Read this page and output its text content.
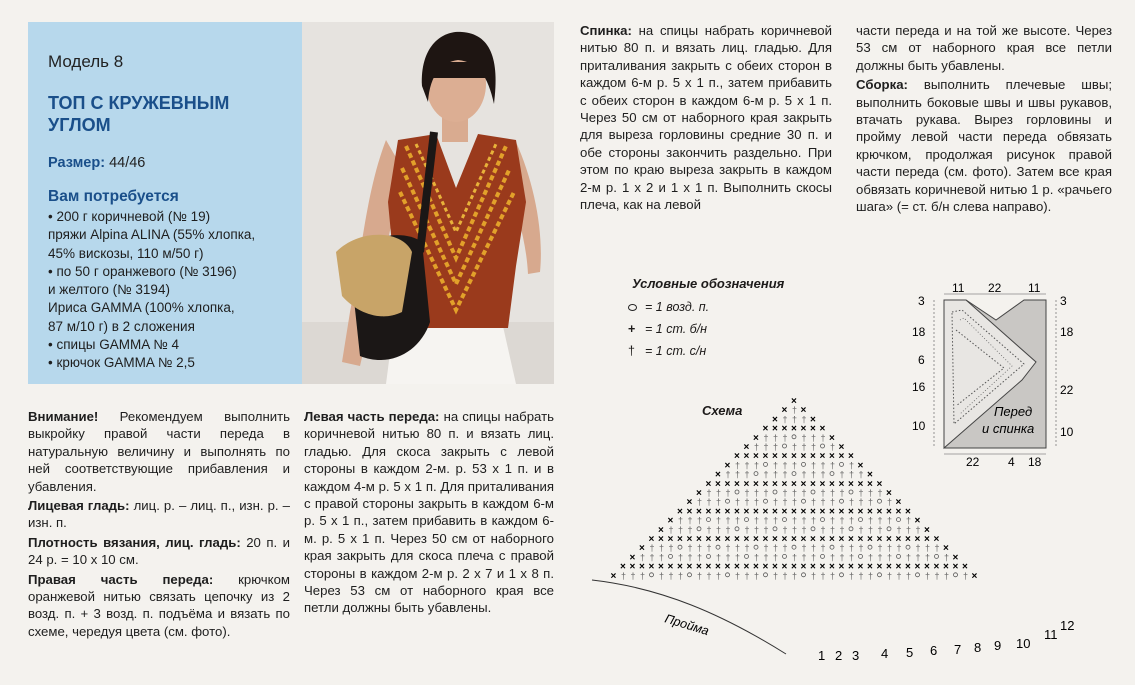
Модель 8
ТОП С КРУЖЕВНЫМ УГЛОМ
Размер: 44/46
Вам потребуется
• 200 г коричневой (№ 19)
пряжи Alpina ALINA (55% хлопка,
45% вискозы, 110 м/50 г)
• по 50 г оранжевого (№ 3196)
и желтого (№ 3194)
Ириса GAMMA (100% хлопка,
87 м/10 г) в 2 сложения
• спицы GAMMA № 4
• крючок GAMMA № 2,5

Внимание! Рекомендуем выполнить выкройку правой части переда в натуральную величину и выполнять по ней соответствующие прибавления и убавления.

Лицевая гладь: лиц. р. – лиц. п., изн. р. – изн. п.

Плотность вязания, лиц. гладь: 20 п. и 24 р. = 10 х 10 см.

Правая часть переда: крючком оранжевой нитью связать цепочку из 2 возд. п. + 3 возд. п. подъёма и вязать по схеме, чередуя цвета (см. фото).

Левая часть переда: на спицы набрать коричневой нитью 80 п. и вязать лиц. гладью. Для скоса закрыть с левой стороны в каждом 2-м. р. 53 х 1 п. и в каждом 4-м р. 5 х 1 п. Для приталивания с правой стороны закрыть в каждом 6-м р. 5 х 1 п., затем прибавить в каждом 6-м. р. 5 х 1 п. Через 50 см от наборного края закрыть для скоса плеча с правой стороны в каждом 2-м р. 2 х 7 и 1 х 8 п. Через 53 см от наборного края все петли должны быть убавлены.

Спинка: на спицы набрать коричневой нитью 80 п. и вязать лиц. гладью. Для приталивания закрыть с обеих сторон в каждом 6-м р. 5 х 1 п., затем прибавить с обеих сторон в каждом 6-м р. 5 х 1 п. Через 50 см от наборного края закрыть для выреза горловины средние 30 п. и обе стороны закончить раздельно. При этом по краю выреза закрыть в каждом 2-м р. 1 х 2 и 1 х 1 п. Выполнить скосы плеча, как на левой

части переда и на той же высоте. Через 53 см от наборного края все петли должны быть убавлены.

Сборка: выполнить плечевые швы; выполнить боковые швы и швы рукавов, втачать рукава. Вырез горловины и пройму левой части переда обвязать крючком, продолжая рисунок правой части переда (см. фото). Затем все края обвязать коричневой нитью 1 р. «рачьего шага» (= ст. б/н слева направо).

Условные обозначения
= 1 возд. п.
+ = 1 ст. б/н
† = 1 ст. с/н
Схема
×
× † ×
× † † † ×
× × × × × × ×
× † † † † † † ×
× † † † † † † † ×
× × × × × × × × × × × × ×
× † † † † † † † † † † ×
× † † † † † † † † † † † † ×
× × × × × × × × × × × × × × × × × × ×
× † † † † † † † † † † † † † † † ×
× † † † † † † † † † † † † † † † † ×
× × × × × × × × × × × × × × × × × × × × × × × × ×
× † † † † † † † † † † † † † † † † † † † ×
× † † † † † † † † † † † † † † † † † † † † † ×
× × × × × × × × × × × × × × × × × × × × × × × × × × × × × × ×
× † † † † † † † † † † † † † † † † † † † † † † † † ×
× † † † † † † † † † † † † † † † † † † † † † † † † † ×
× × × × × × × × × × × × × × × × × × × × × × × × × × × × × × × × × × × × ×
× † † † † † † † † † † † † † † † † † † † † † † † † † † † † ×
Пройма
1 2 3 4 5 6 7 8 9 10
11
12
11 22 11
3
18
6
16
10
3
18
22
10
22 4 18
Перед
и спинка
